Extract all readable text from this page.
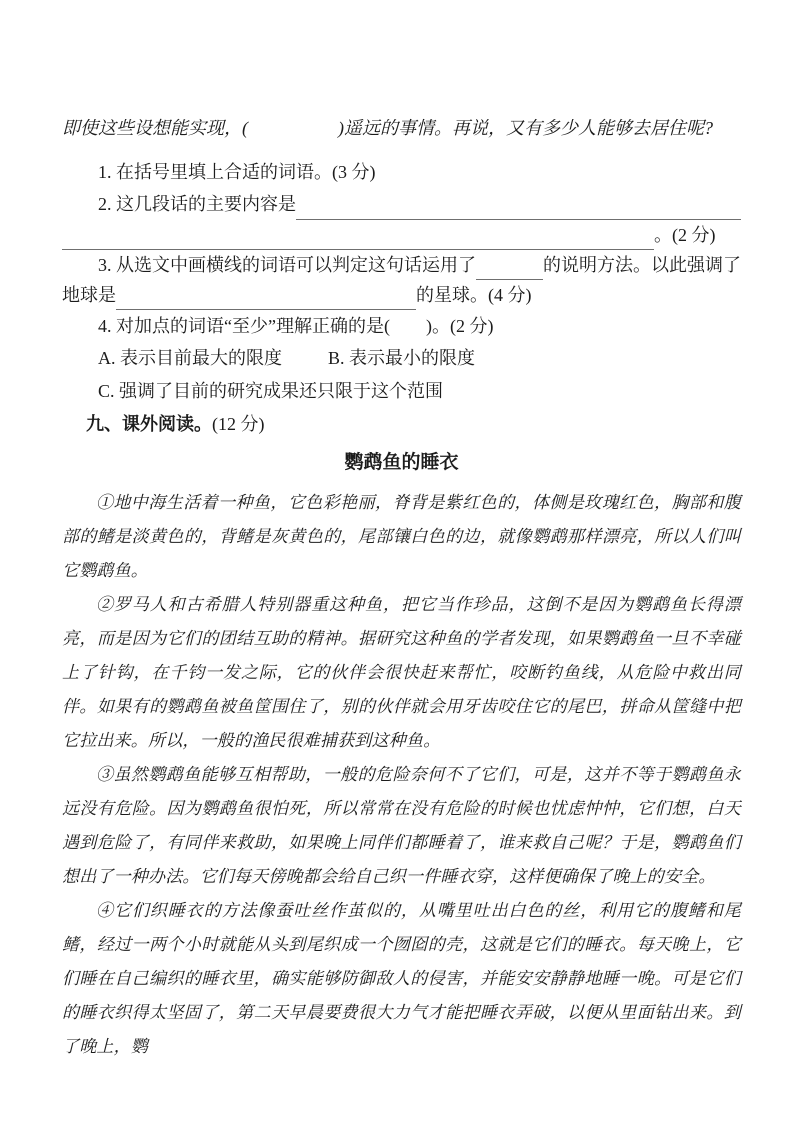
即使这些设想能实现，(　　　　　)遥远的事情。再说，又有多少人能够去居住呢?
1. 在括号里填上合适的词语。(3 分)
2. 这几段话的主要内容是
。(2 分)
3. 从选文中画横线的词语可以判定这句话运用了	的说明方法。以此强调了
地球是	的星球。(4 分)
4. 对加点的词语“至少”理解正确的是(　　)。(2 分)
A. 表示目前最大的限度	B. 表示最小的限度
C. 强调了目前的研究成果还只限于这个范围
九、课外阅读。(12 分)
鹦鹉鱼的睡衣

①地中海生活着一种鱼，它色彩艳丽，脊背是紫红色的，体侧是玫瑰红色，胸部和腹部的鳍是淡黄色的，背鳍是灰黄色的，尾部镶白色的边，就像鹦鹉那样漂亮，所以人们叫它鹦鹉鱼。

②罗马人和古希腊人特别器重这种鱼，把它当作珍品，这倒不是因为鹦鹉鱼长得漂亮，而是因为它们的团结互助的精神。据研究这种鱼的学者发现，如果鹦鹉鱼一旦不幸碰上了针钩，在千钧一发之际，它的伙伴会很快赶来帮忙，咬断钓鱼线，从危险中救出同伴。如果有的鹦鹉鱼被鱼筐围住了，别的伙伴就会用牙齿咬住它的尾巴，拼命从筐缝中把它拉出来。所以，一般的渔民很难捕获到这种鱼。

③虽然鹦鹉鱼能够互相帮助，一般的危险奈何不了它们，可是，这并不等于鹦鹉鱼永远没有危险。因为鹦鹉鱼很怕死，所以常常在没有危险的时候也忧虑忡忡，它们想，白天遇到危险了，有同伴来救助，如果晚上同伴们都睡着了，谁来救自己呢？于是，鹦鹉鱼们想出了一种办法。它们每天傍晚都会给自己织一件睡衣穿，这样便确保了晚上的安全。

④它们织睡衣的方法像蚕吐丝作茧似的，从嘴里吐出白色的丝，利用它的腹鳍和尾鳍，经过一两个小时就能从头到尾织成一个囫囵的壳，这就是它们的睡衣。每天晚上，它们睡在自己编织的睡衣里，确实能够防御敌人的侵害，并能安安静静地睡一晚。可是它们的睡衣织得太坚固了，第二天早晨要费很大力气才能把睡衣弄破，以便从里面钻出来。到了晚上，鹦
